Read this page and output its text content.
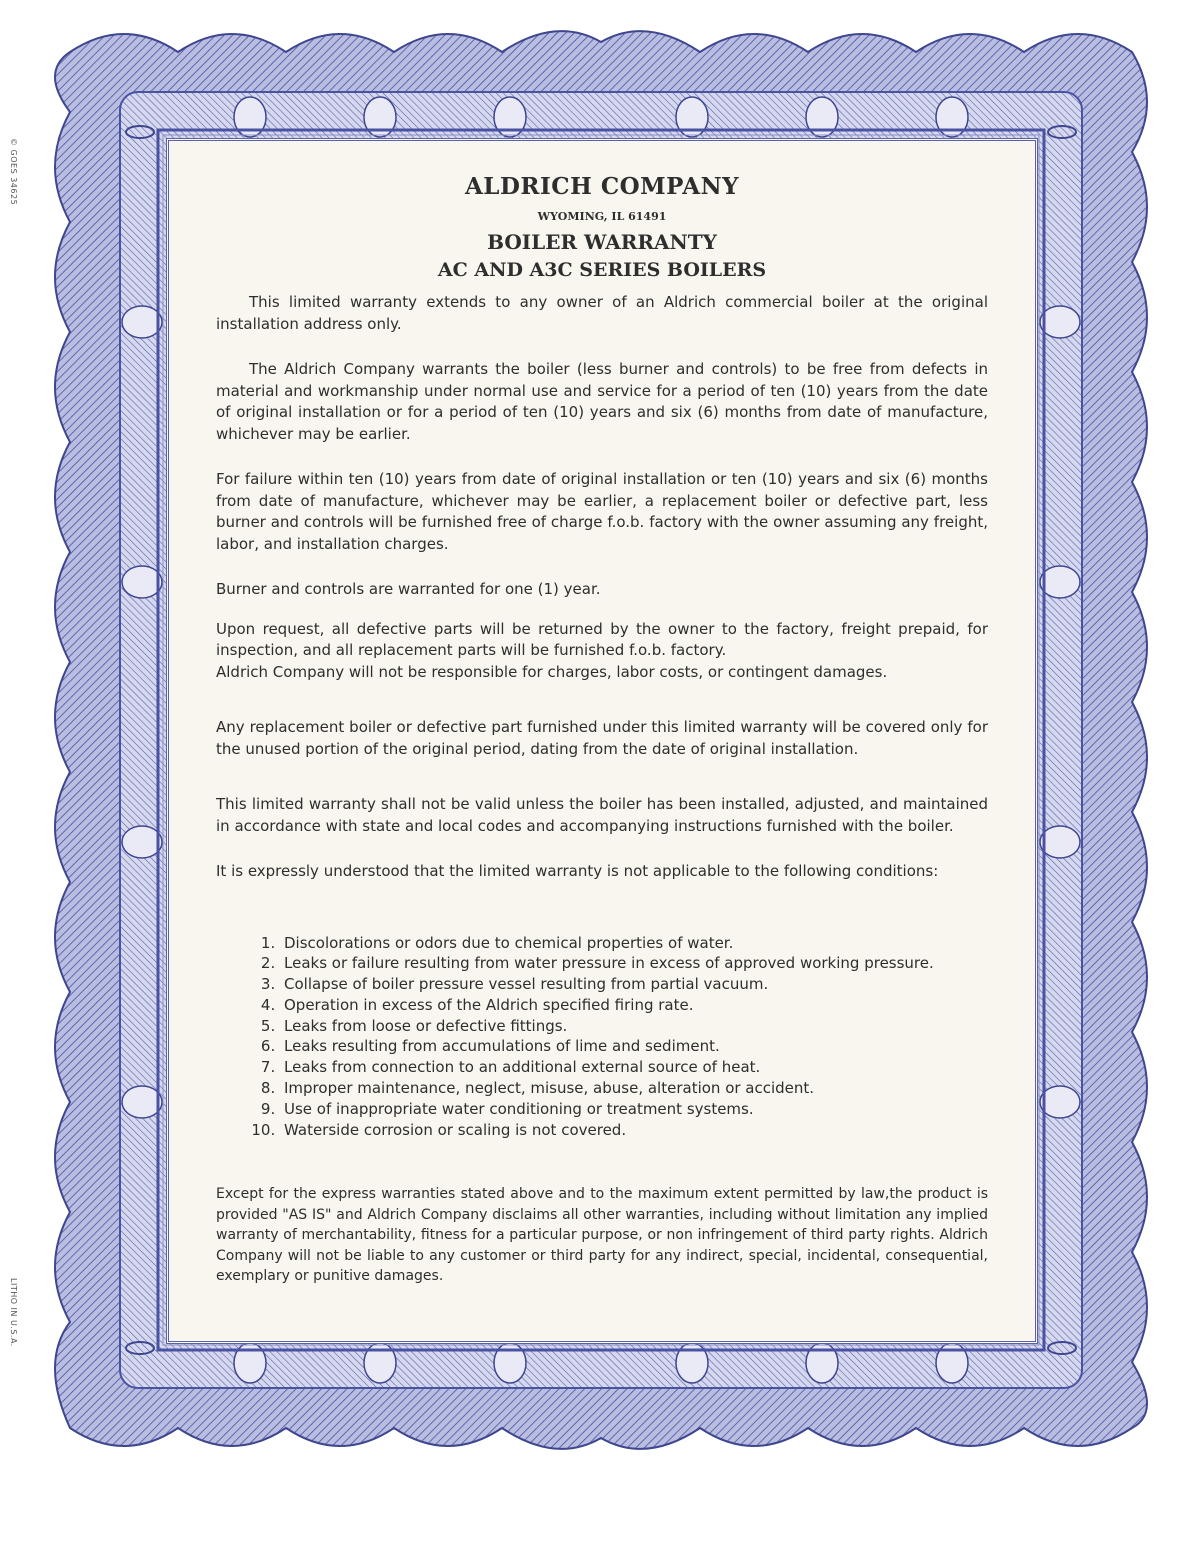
© GOES 34625
LITHO IN U.S.A.
ALDRICH COMPANY
WYOMING, IL 61491
BOILER WARRANTY
AC AND A3C SERIES BOILERS

This limited warranty extends to any owner of an Aldrich commercial boiler at the original installation address only.

The Aldrich Company warrants the boiler (less burner and controls) to be free from defects in material and workmanship under normal use and service for a period of ten (10) years from the date of original installation or for a period of ten (10) years and six (6) months from date of manufacture, whichever may be earlier.

For failure within ten (10) years from date of original installation or ten (10) years and six (6) months from date of manufacture, whichever may be earlier, a replacement boiler or defective part, less burner and controls will be furnished free of charge f.o.b. factory with the owner assuming any freight, labor, and installation charges.

Burner and controls are warranted for one (1) year.

Upon request, all defective parts will be returned by the owner to the factory, freight prepaid, for inspection, and all replacement parts will be furnished f.o.b. factory.

Aldrich Company will not be responsible for charges, labor costs, or contingent damages.

Any replacement boiler or defective part furnished under this limited warranty will be covered only for the unused portion of the original period, dating from the date of original installation.

This limited warranty shall not be valid unless the boiler has been installed, adjusted, and maintained in accordance with state and local codes and accompanying instructions furnished with the boiler.

It is expressly understood that the limited warranty is not applicable to the following conditions:

1. Discolorations or odors due to chemical properties of water.
2. Leaks or failure resulting from water pressure in excess of approved working pressure.
3. Collapse of boiler pressure vessel resulting from partial vacuum.
4. Operation in excess of the Aldrich specified firing rate.
5. Leaks from loose or defective fittings.
6. Leaks resulting from accumulations of lime and sediment.
7. Leaks from connection to an additional external source of heat.
8. Improper maintenance, neglect, misuse, abuse, alteration or accident.
9. Use of inappropriate water conditioning or treatment systems.
10. Waterside corrosion or scaling is not covered.

Except for the express warranties stated above and to the maximum extent permitted by law,the product is provided "AS IS" and Aldrich Company disclaims all other warranties, including without limitation any implied warranty of merchantability, fitness for a particular purpose, or non infringement of third party rights. Aldrich Company will not be liable to any customer or third party for any indirect, special, incidental, consequential, exemplary or punitive damages.
